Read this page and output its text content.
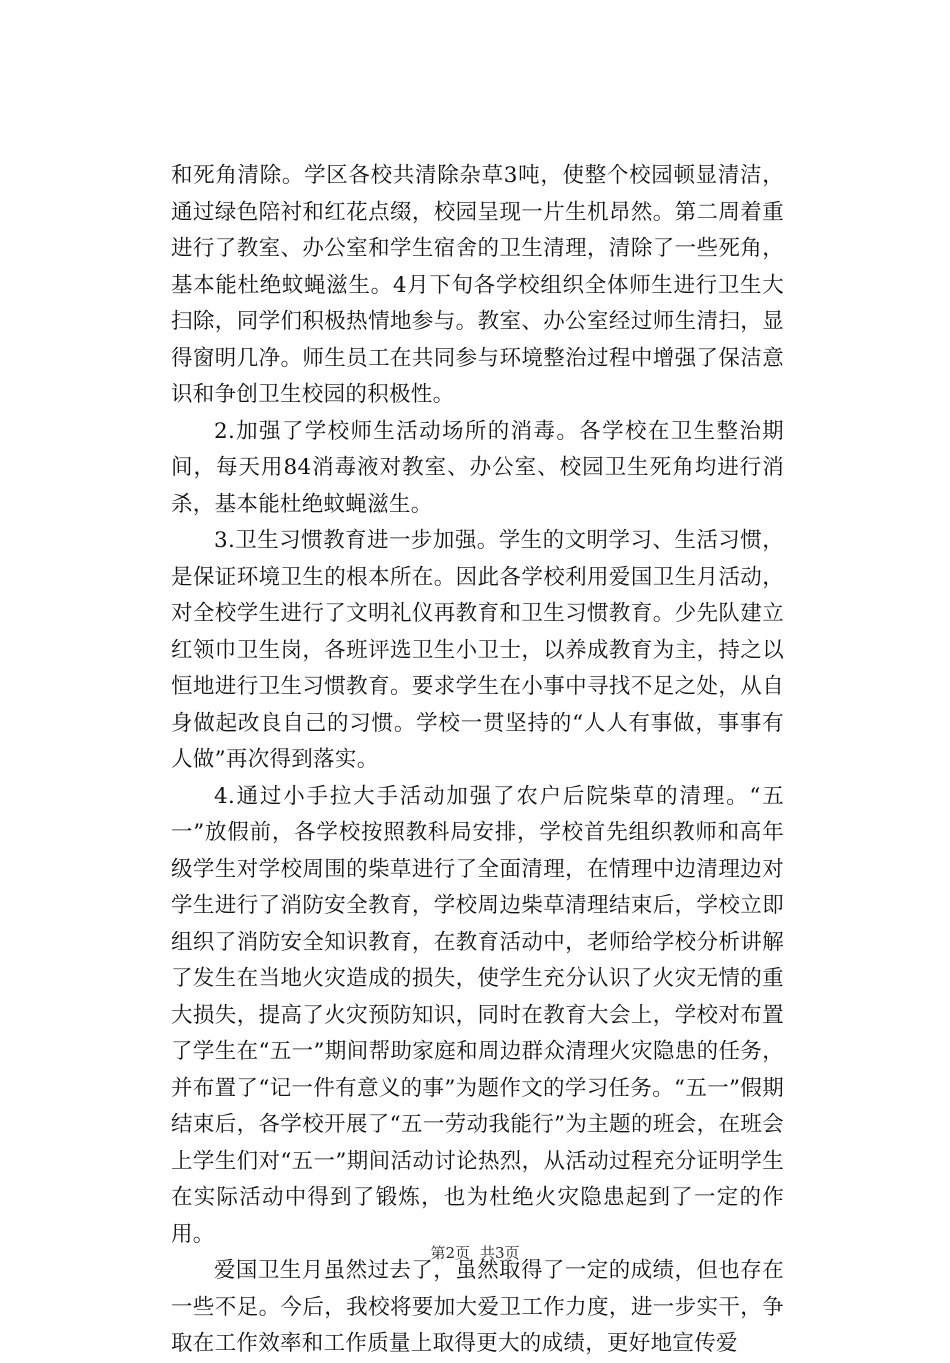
和死角清除。学区各校共清除杂草3吨，使整个校园顿显清洁，通过绿色陪衬和红花点缀，校园呈现一片生机昂然。第二周着重进行了教室、办公室和学生宿舍的卫生清理，清除了一些死角，基本能杜绝蚊蝇滋生。4月下旬各学校组织全体师生进行卫生大扫除，同学们积极热情地参与。教室、办公室经过师生清扫，显得窗明几净。师生员工在共同参与环境整治过程中增强了保洁意识和争创卫生校园的积极性。

2.加强了学校师生活动场所的消毒。各学校在卫生整治期间，每天用84消毒液对教室、办公室、校园卫生死角均进行消杀，基本能杜绝蚊蝇滋生。

3.卫生习惯教育进一步加强。学生的文明学习、生活习惯，是保证环境卫生的根本所在。因此各学校利用爱国卫生月活动，对全校学生进行了文明礼仪再教育和卫生习惯教育。少先队建立红领巾卫生岗，各班评选卫生小卫士，以养成教育为主，持之以恒地进行卫生习惯教育。要求学生在小事中寻找不足之处，从自身做起改良自己的习惯。学校一贯坚持的“人人有事做，事事有人做”再次得到落实。

4.通过小手拉大手活动加强了农户后院柴草的清理。“五一”放假前，各学校按照教科局安排，学校首先组织教师和高年级学生对学校周围的柴草进行了全面清理，在情理中边清理边对学生进行了消防安全教育，学校周边柴草清理结束后，学校立即组织了消防安全知识教育，在教育活动中，老师给学校分析讲解了发生在当地火灾造成的损失，使学生充分认识了火灾无情的重大损失，提高了火灾预防知识，同时在教育大会上，学校对布置了学生在“五一”期间帮助家庭和周边群众清理火灾隐患的任务，并布置了“记一件有意义的事”为题作文的学习任务。“五一”假期结束后，各学校开展了“五一劳动我能行”为主题的班会，在班会上学生们对“五一”期间活动讨论热烈，从活动过程充分证明学生在实际活动中得到了锻炼，也为杜绝火灾隐患起到了一定的作用。

爱国卫生月虽然过去了，虽然取得了一定的成绩，但也存在一些不足。今后，我校将要加大爱卫工作力度，进一步实干，争取在工作效率和工作质量上取得更大的成绩，更好地宣传爱

第2页 共3页
